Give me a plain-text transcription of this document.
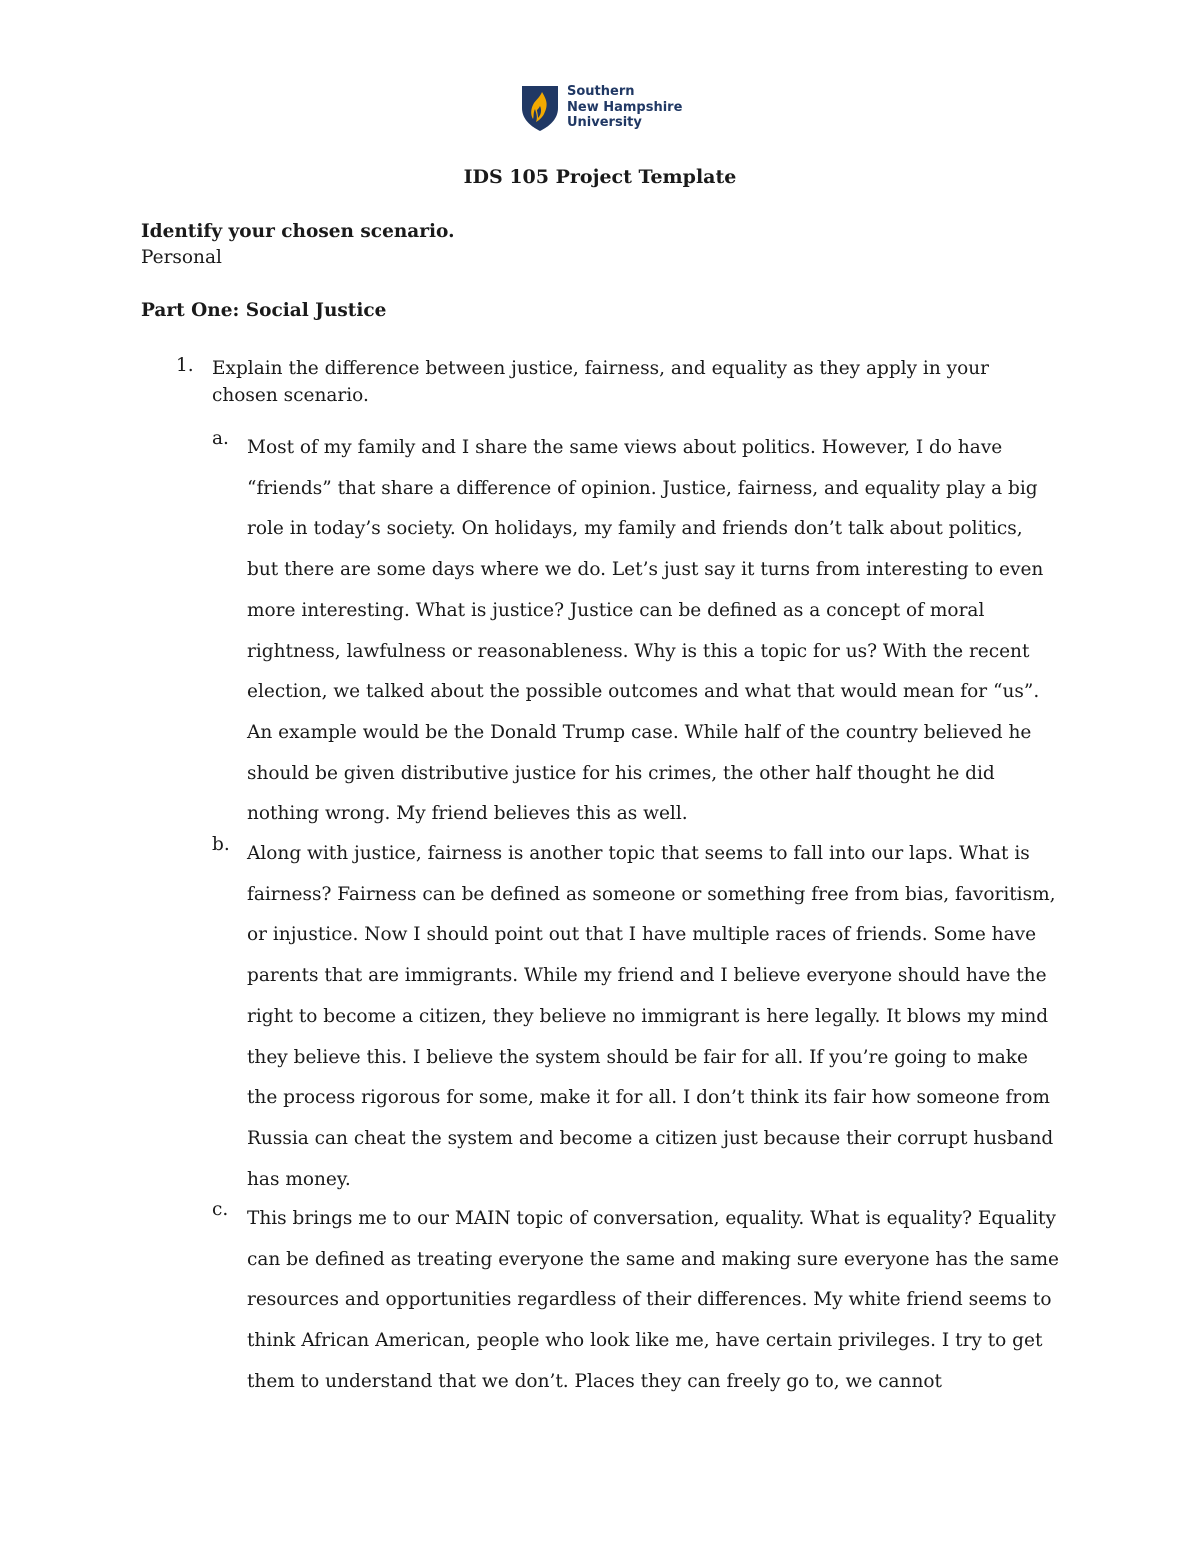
Southern
New Hampshire
University
IDS 105 Project Template
Identify your chosen scenario.
Personal
Part One: Social Justice
1. Explain the difference between justice, fairness, and equality as they apply in your chosen scenario.
a. Most of my family and I share the same views about politics. However, I do have “friends” that share a difference of opinion. Justice, fairness, and equality play a big role in today’s society. On holidays, my family and friends don’t talk about politics, but there are some days where we do. Let’s just say it turns from interesting to even more interesting. What is justice? Justice can be defined as a concept of moral rightness, lawfulness or reasonableness. Why is this a topic for us? With the recent election, we talked about the possible outcomes and what that would mean for “us”. An example would be the Donald Trump case. While half of the country believed he should be given distributive justice for his crimes, the other half thought he did nothing wrong. My friend believes this as well.
b. Along with justice, fairness is another topic that seems to fall into our laps. What is fairness? Fairness can be defined as someone or something free from bias, favoritism, or injustice. Now I should point out that I have multiple races of friends. Some have parents that are immigrants. While my friend and I believe everyone should have the right to become a citizen, they believe no immigrant is here legally. It blows my mind they believe this. I believe the system should be fair for all. If you’re going to make the process rigorous for some, make it for all. I don’t think its fair how someone from Russia can cheat the system and become a citizen just because their corrupt husband has money.
c. This brings me to our MAIN topic of conversation, equality. What is equality? Equality can be defined as treating everyone the same and making sure everyone has the same resources and opportunities regardless of their differences. My white friend seems to think African American, people who look like me, have certain privileges. I try to get them to understand that we don’t. Places they can freely go to, we cannot
